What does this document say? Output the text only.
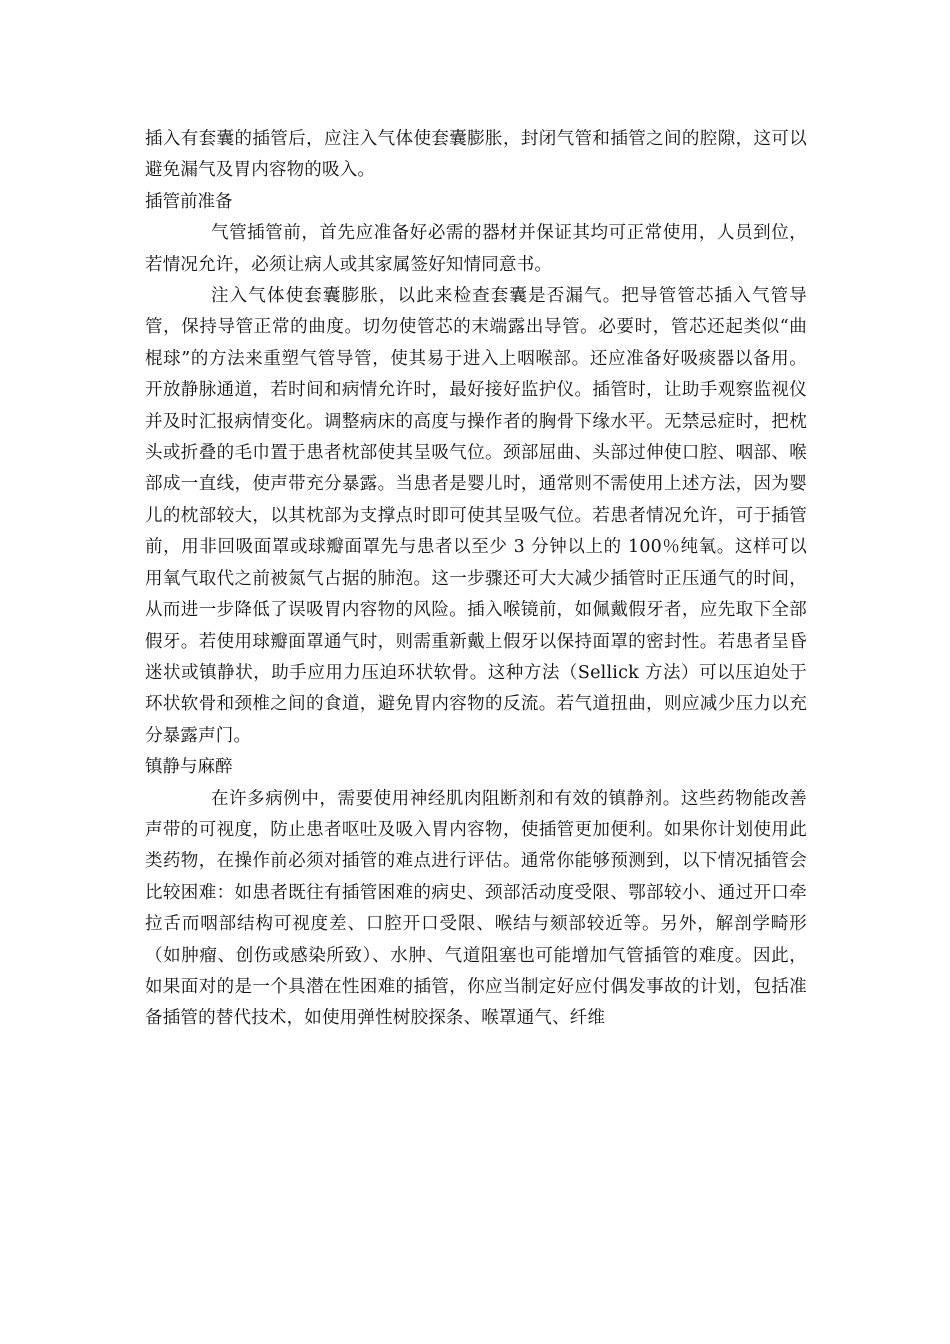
插入有套囊的插管后，应注入气体使套囊膨胀，封闭气管和插管之间的腔隙，这可以避免漏气及胃内容物的吸入。

插管前准备

气管插管前，首先应准备好必需的器材并保证其均可正常使用，人员到位，若情况允许，必须让病人或其家属签好知情同意书。

注入气体使套囊膨胀，以此来检查套囊是否漏气。把导管管芯插入气管导管，保持导管正常的曲度。切勿使管芯的末端露出导管。必要时，管芯还起类似“曲棍球”的方法来重塑气管导管，使其易于进入上咽喉部。还应准备好吸痰器以备用。开放静脉通道，若时间和病情允许时，最好接好监护仪。插管时，让助手观察监视仪并及时汇报病情变化。调整病床的高度与操作者的胸骨下缘水平。无禁忌症时，把枕头或折叠的毛巾置于患者枕部使其呈吸气位。颈部屈曲、头部过伸使口腔、咽部、喉部成一直线，使声带充分暴露。当患者是婴儿时，通常则不需使用上述方法，因为婴儿的枕部较大，以其枕部为支撑点时即可使其呈吸气位。若患者情况允许，可于插管前，用非回吸面罩或球瓣面罩先与患者以至少 3 分钟以上的 100％纯氧。这样可以用氧气取代之前被氮气占据的肺泡。这一步骤还可大大减少插管时正压通气的时间，从而进一步降低了误吸胃内容物的风险。插入喉镜前，如佩戴假牙者，应先取下全部假牙。若使用球瓣面罩通气时，则需重新戴上假牙以保持面罩的密封性。若患者呈昏迷状或镇静状，助手应用力压迫环状软骨。这种方法（Sellick 方法）可以压迫处于环状软骨和颈椎之间的食道，避免胃内容物的反流。若气道扭曲，则应减少压力以充分暴露声门。

镇静与麻醉

在许多病例中，需要使用神经肌肉阻断剂和有效的镇静剂。这些药物能改善声带的可视度，防止患者呕吐及吸入胃内容物，使插管更加便利。如果你计划使用此类药物，在操作前必须对插管的难点进行评估。通常你能够预测到，以下情况插管会比较困难：如患者既往有插管困难的病史、颈部活动度受限、鄂部较小、通过开口牵拉舌而咽部结构可视度差、口腔开口受限、喉结与颏部较近等。另外，解剖学畸形（如肿瘤、创伤或感染所致）、水肿、气道阻塞也可能增加气管插管的难度。因此，如果面对的是一个具潜在性困难的插管，你应当制定好应付偶发事故的计划，包括准备插管的替代技术，如使用弹性树胶探条、喉罩通气、纤维
